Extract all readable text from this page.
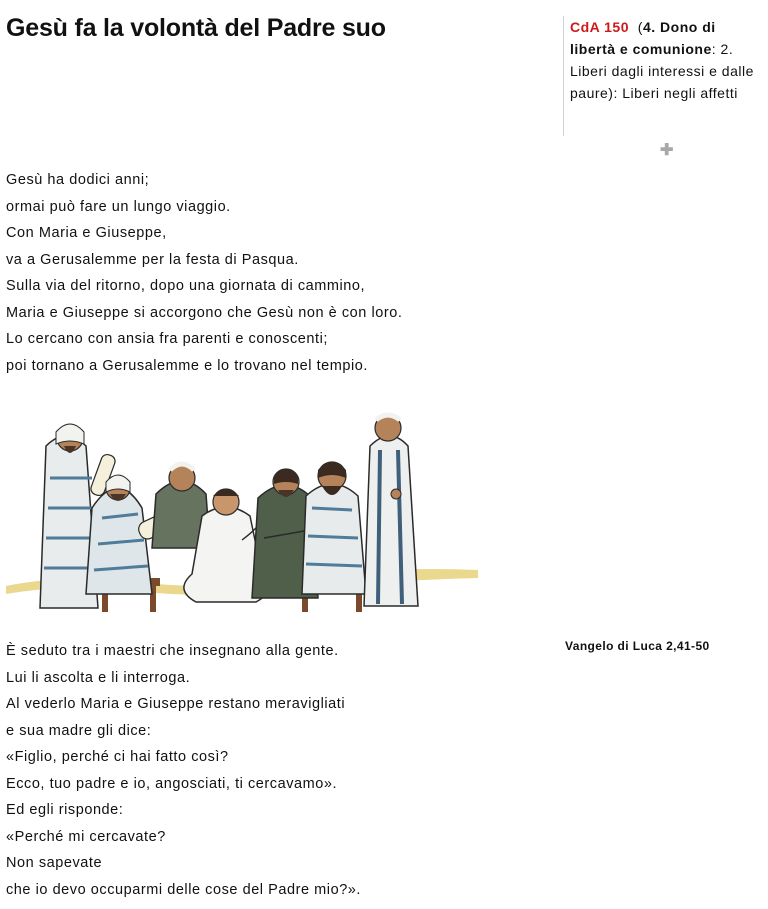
Gesù fa la volontà del Padre suo	CdA 150 (4. Dono di libertà e comunione: 2. Liberi dagli interessi e dalle paure): Liberi negli affetti
✚
Gesù ha dodici anni;
ormai può fare un lungo viaggio.
Con Maria e Giuseppe,
va a Gerusalemme per la festa di Pasqua.
Sulla via del ritorno, dopo una giornata di cammino,
Maria e Giuseppe si accorgono che Gesù non è con loro.
Lo cercano con ansia fra parenti e conoscenti;
poi tornano a Gerusalemme e lo trovano nel tempio.
È seduto tra i maestri che insegnano alla gente.
Lui li ascolta e li interroga.
Al vederlo Maria e Giuseppe restano meravigliati
e sua madre gli dice:
«Figlio, perché ci hai fatto così?
Ecco, tuo padre e io, angosciati, ti cercavamo».
Ed egli risponde:
«Perché mi cercavate?
Non sapevate
che io devo occuparmi delle cose del Padre mio?».
Vangelo di Luca 2,41-50
